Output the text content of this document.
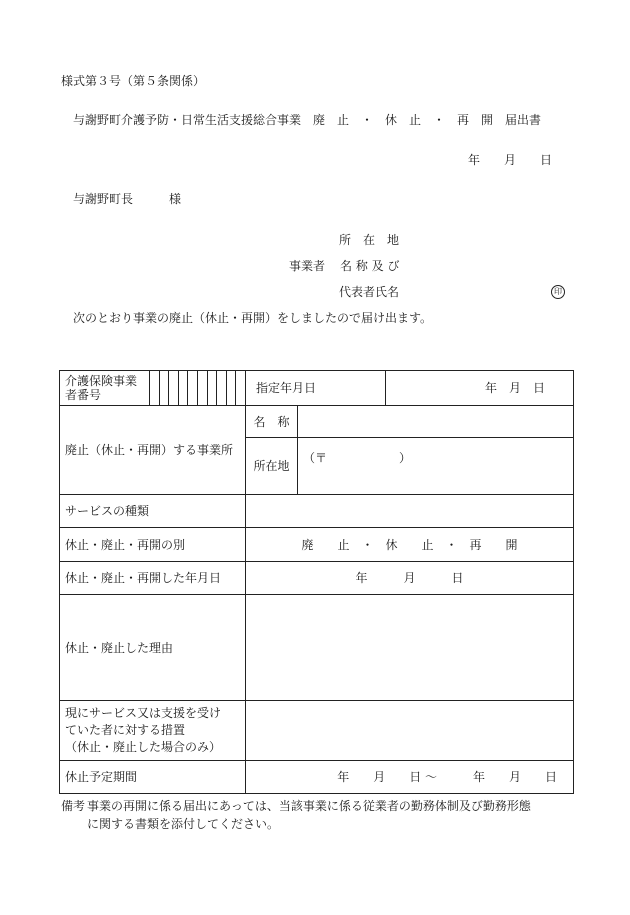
様式第３号（第５条関係）
与謝野町介護予防・日常生活支援総合事業　廃　止　・　休　止　・　再　開　届出書
年　　月　　日
与謝野町長　　　様
所　在　地
事業者 名 称 及 び
代表者氏名	印
次のとおり事業の廃止（休止・再開）をしましたので届け出ます。
介護保険事業者番号		指定年月日		年　月　日
廃止（休止・再開）する事業所		名　称		
		所在地	（〒　　　　　　）	
サービスの種類				
休止・廃止・再開の別		廃　　止　・　休　　止　・　再　　開		
休止・廃止・再開した年月日		年　　　月　　　日		
休止・廃止した理由				

現にサービス又は支援を受け
ていた者に対する措置
（休止・廃止した場合のみ）				

休止予定期間		年　　月　　日 〜　　　年　　月　　日		
備考 事業の再開に係る届出にあっては、当該事業に係る従業者の勤務体制及び勤務形態
に関する書類を添付してください。
